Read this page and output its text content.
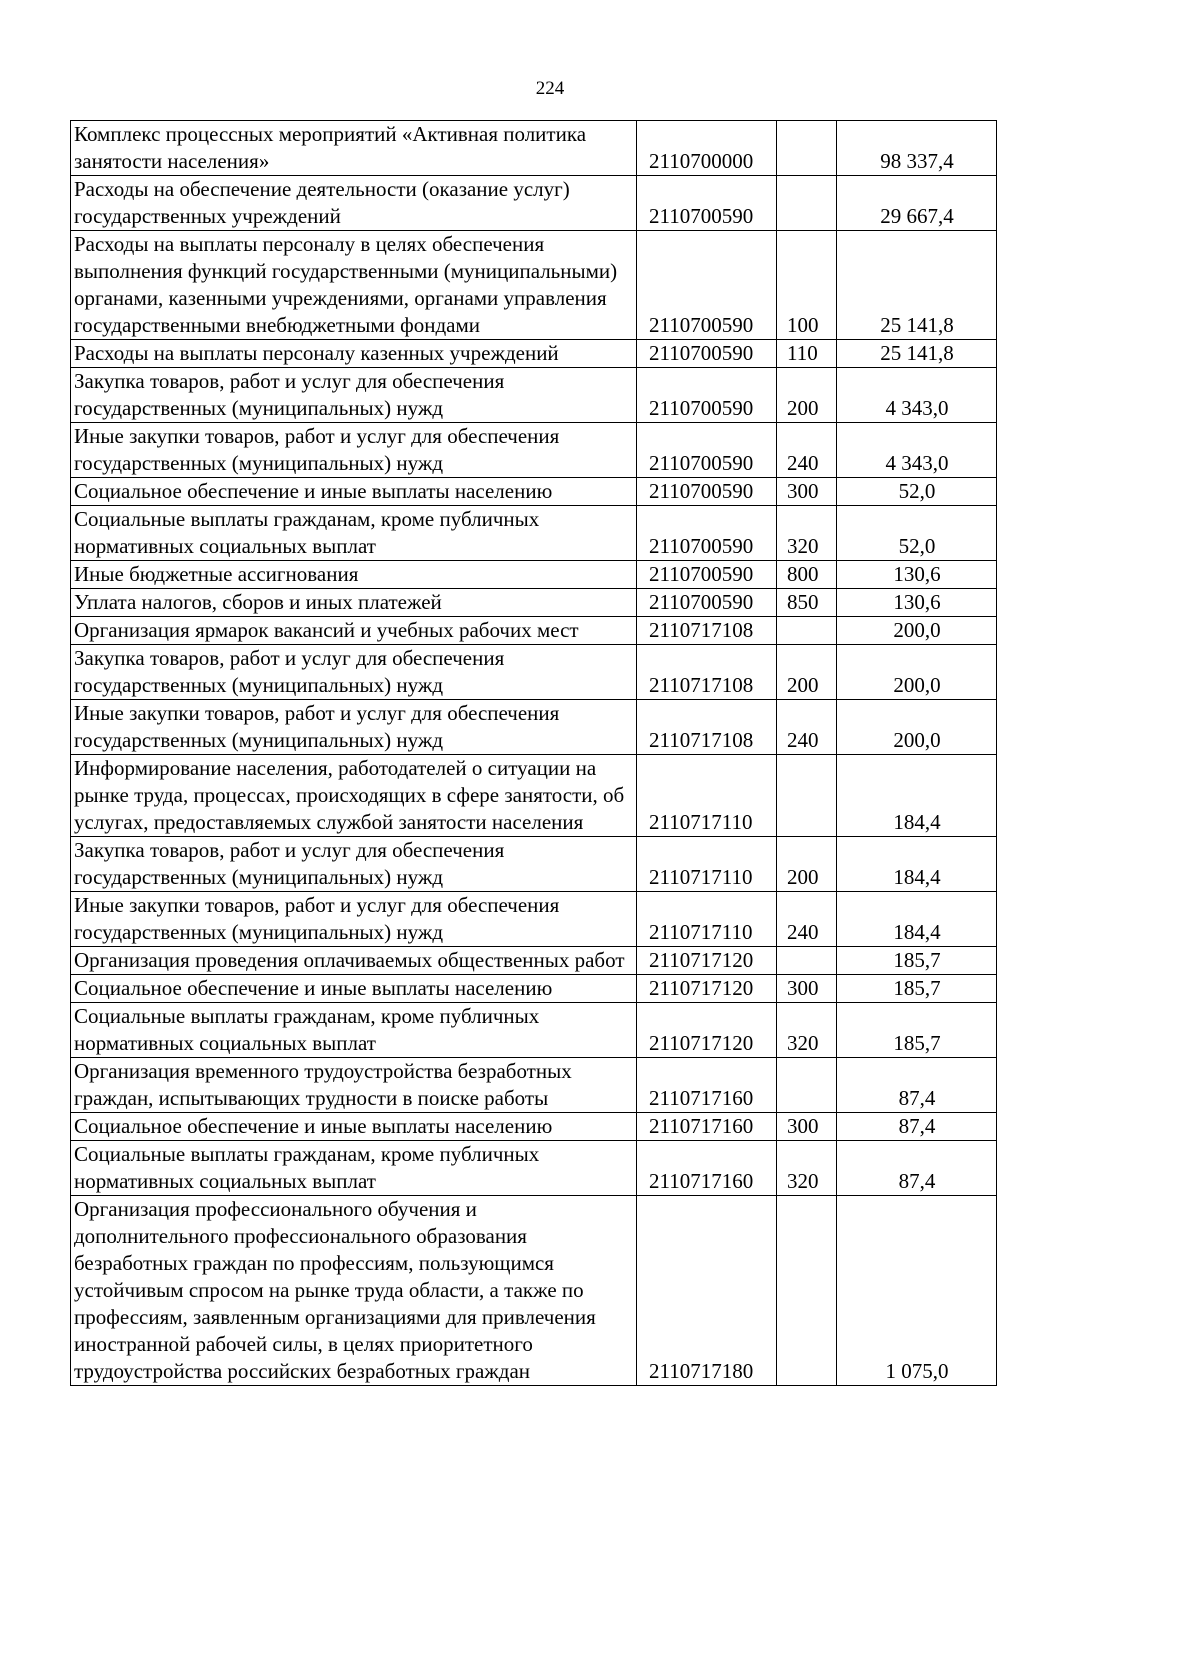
224
Комплекс процессных мероприятий «Активная политика занятости населения»	2110700000		98 337,4
Расходы на обеспечение деятельности (оказание услуг) государственных учреждений	2110700590		29 667,4
Расходы на выплаты персоналу в целях обеспечения выполнения функций государственными (муниципальными) органами, казенными учреждениями, органами управления государственными внебюджетными фондами	2110700590	100	25 141,8
Расходы на выплаты персоналу казенных учреждений	2110700590	110	25 141,8
Закупка товаров, работ и услуг для обеспечения государственных (муниципальных) нужд	2110700590	200	4 343,0
Иные закупки товаров, работ и услуг для обеспечения государственных (муниципальных) нужд	2110700590	240	4 343,0
Социальное обеспечение и иные выплаты населению	2110700590	300	52,0
Социальные выплаты гражданам, кроме публичных нормативных социальных выплат	2110700590	320	52,0
Иные бюджетные ассигнования	2110700590	800	130,6
Уплата налогов, сборов и иных платежей	2110700590	850	130,6
Организация ярмарок вакансий и учебных рабочих мест	2110717108		200,0
Закупка товаров, работ и услуг для обеспечения государственных (муниципальных) нужд	2110717108	200	200,0
Иные закупки товаров, работ и услуг для обеспечения государственных (муниципальных) нужд	2110717108	240	200,0
Информирование населения, работодателей о ситуации на рынке труда, процессах, происходящих в сфере занятости, об услугах, предоставляемых службой занятости населения	2110717110		184,4
Закупка товаров, работ и услуг для обеспечения государственных (муниципальных) нужд	2110717110	200	184,4
Иные закупки товаров, работ и услуг для обеспечения государственных (муниципальных) нужд	2110717110	240	184,4
Организация проведения оплачиваемых общественных работ	2110717120		185,7
Социальное обеспечение и иные выплаты населению	2110717120	300	185,7
Социальные выплаты гражданам, кроме публичных нормативных социальных выплат	2110717120	320	185,7
Организация временного трудоустройства безработных граждан, испытывающих трудности в поиске работы	2110717160		87,4
Социальное обеспечение и иные выплаты населению	2110717160	300	87,4
Социальные выплаты гражданам, кроме публичных нормативных социальных выплат	2110717160	320	87,4
Организация профессионального обучения и дополнительного профессионального образования безработных граждан по профессиям, пользующимся устойчивым спросом на рынке труда области, а также по профессиям, заявленным организациями для привлечения иностранной рабочей силы, в целях приоритетного трудоустройства российских безработных граждан	2110717180		1 075,0
